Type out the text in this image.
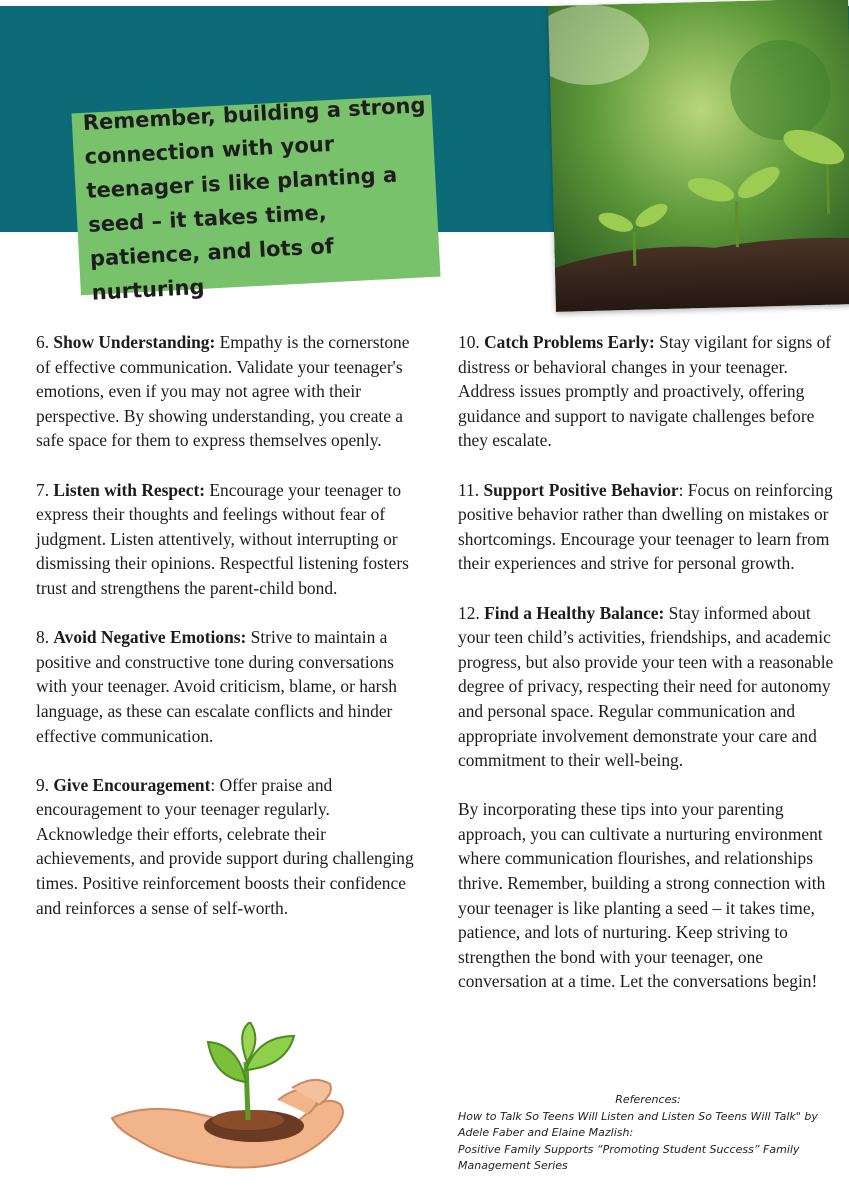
Remember, building a strong connection with your teenager is like planting a seed – it takes time, patience, and lots of nurturing

6. Show Understanding: Empathy is the cornerstone of effective communication. Validate your teenager's emotions, even if you may not agree with their perspective. By showing understanding, you create a safe space for them to express themselves openly.

7. Listen with Respect: Encourage your teenager to express their thoughts and feelings without fear of judgment. Listen attentively, without interrupting or dismissing their opinions. Respectful listening fosters trust and strengthens the parent-child bond.

8. Avoid Negative Emotions: Strive to maintain a positive and constructive tone during conversations with your teenager. Avoid criticism, blame, or harsh language, as these can escalate conflicts and hinder effective communication.

9. Give Encouragement: Offer praise and encouragement to your teenager regularly. Acknowledge their efforts, celebrate their achievements, and provide support during challenging times. Positive reinforcement boosts their confidence and reinforces a sense of self-worth.

10. Catch Problems Early: Stay vigilant for signs of distress or behavioral changes in your teenager. Address issues promptly and proactively, offering guidance and support to navigate challenges before they escalate.

11. Support Positive Behavior: Focus on reinforcing positive behavior rather than dwelling on mistakes or shortcomings. Encourage your teenager to learn from their experiences and strive for personal growth.

12. Find a Healthy Balance: Stay informed about your teen child’s activities, friendships, and academic progress, but also provide your teen with a reasonable degree of privacy, respecting their need for autonomy and personal space. Regular communication and appropriate involvement demonstrate your care and commitment to their well-being.

By incorporating these tips into your parenting approach, you can cultivate a nurturing environment where communication flourishes, and relationships thrive. Remember, building a strong connection with your teenager is like planting a seed – it takes time, patience, and lots of nurturing. Keep striving to strengthen the bond with your teenager, one conversation at a time. Let the conversations begin!

References:
How to Talk So Teens Will Listen and Listen So Teens Will Talk" by Adele Faber and Elaine Mazlish:
Positive Family Supports “Promoting Student Success” Family Management Series
